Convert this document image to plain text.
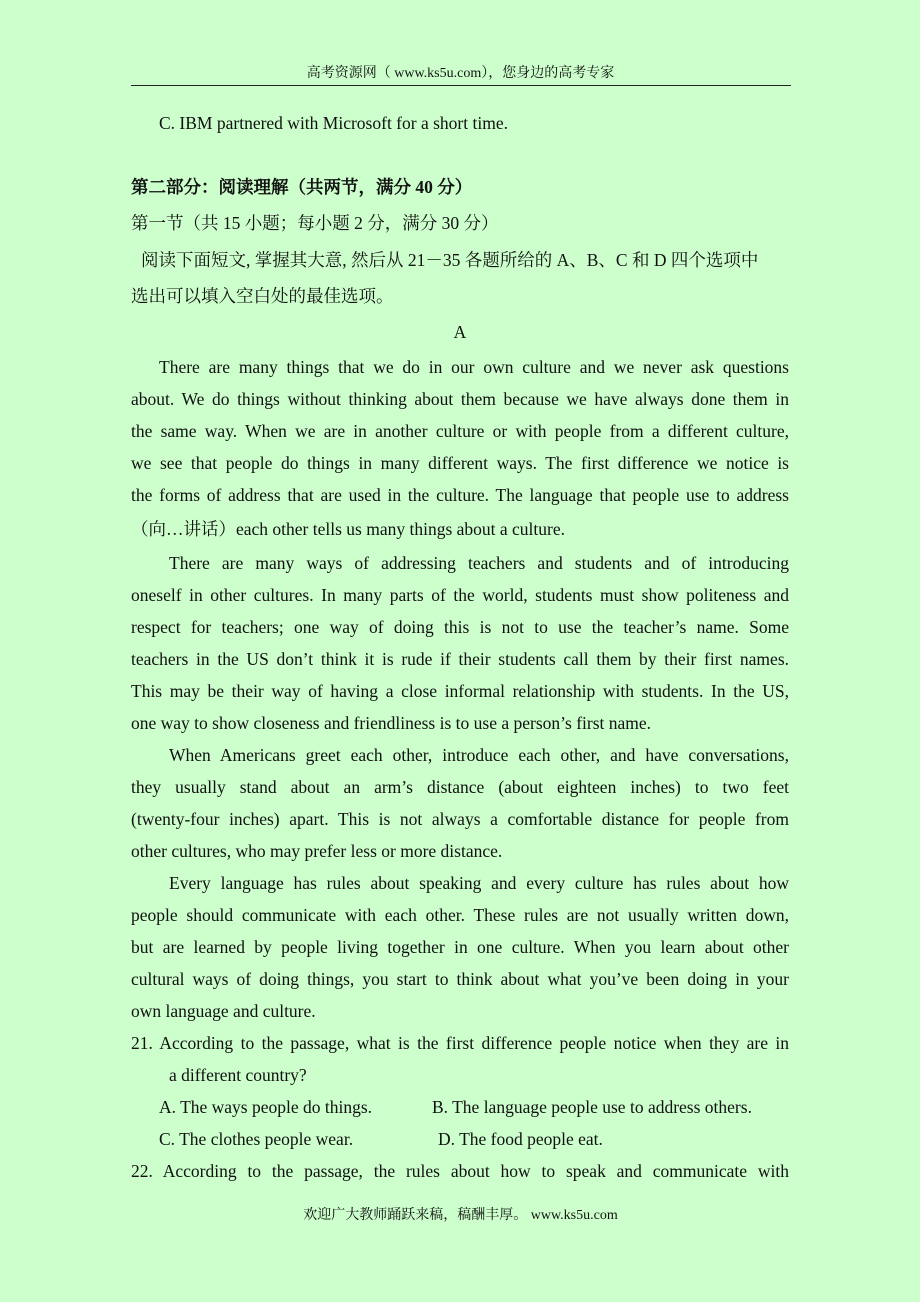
高考资源网（ www.ks5u.com），您身边的高考专家
C. IBM partnered with Microsoft for a short time.
第二部分：阅读理解（共两节，满分 40 分）
第一节（共 15 小题；每小题 2 分，满分 30 分）
阅读下面短文, 掌握其大意, 然后从 21－35 各题所给的 A、B、C 和 D 四个选项中
选出可以填入空白处的最佳选项。
A
There are many things that we do in our own culture and we never ask questions
about. We do things without thinking about them because we have always done them in
the same way. When we are in another culture or with people from a different culture,
we see that people do things in many different ways. The first difference we notice is
the forms of address that are used in the culture. The language that people use to address
（向…讲话）each other tells us many things about a culture.
There are many ways of addressing teachers and students and of introducing
oneself in other cultures. In many parts of the world, students must show politeness and
respect for teachers; one way of doing this is not to use the teacher’s name. Some
teachers in the US don’t think it is rude if their students call them by their first names.
This may be their way of having a close informal relationship with students. In the US,
one way to show closeness and friendliness is to use a person’s first name.
When Americans greet each other, introduce each other, and have conversations,
they usually stand about an arm’s distance (about eighteen inches) to two feet
(twenty-four inches) apart. This is not always a comfortable distance for people from
other cultures, who may prefer less or more distance.
Every language has rules about speaking and every culture has rules about how
people should communicate with each other. These rules are not usually written down,
but are learned by people living together in one culture. When you learn about other
cultural ways of doing things, you start to think about what you’ve been doing in your
own language and culture.
21. According to the passage, what is the first difference people notice when they are in
a different country?
A. The ways people do things.	B. The language people use to address others.
C. The clothes people wear.	D. The food people eat.
22. According to the passage, the rules about how to speak and communicate with
欢迎广大教师踊跃来稿，稿酬丰厚。 www.ks5u.com
